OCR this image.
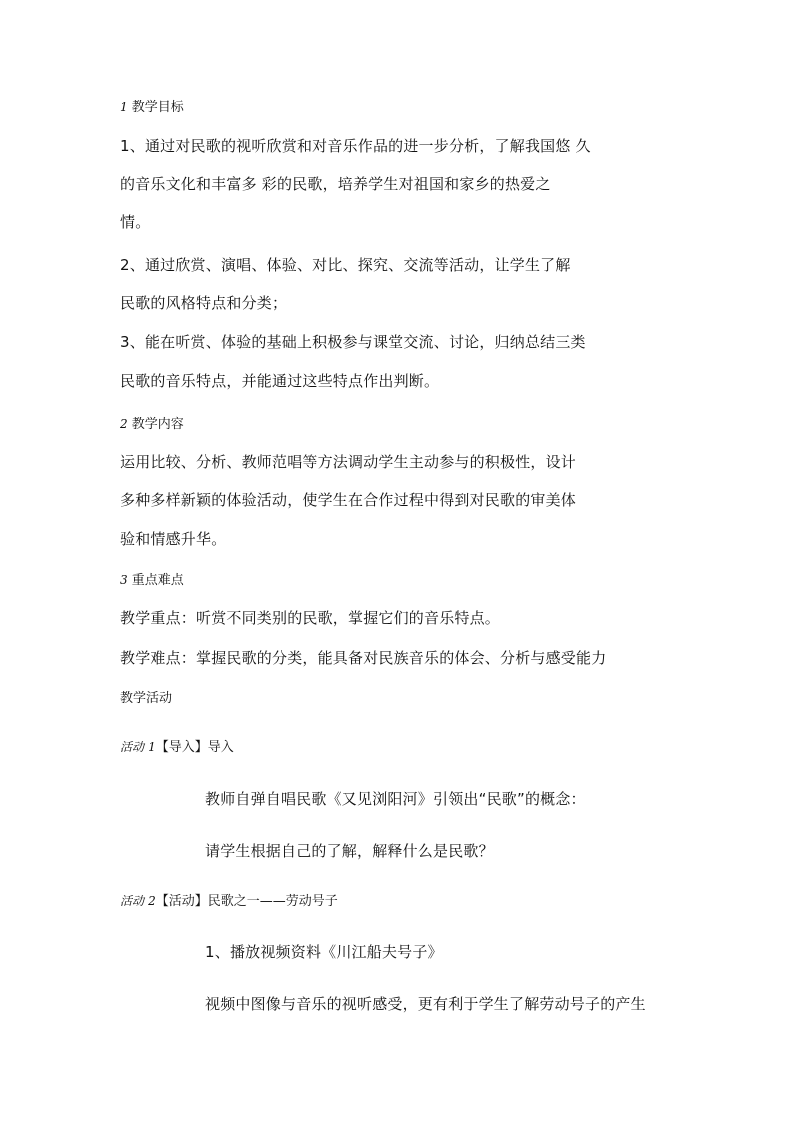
1 教学目标
1、通过对民歌的视听欣赏和对音乐作品的进一步分析，了解我国悠 久
的音乐文化和丰富多 彩的民歌，培养学生对祖国和家乡的热爱之
情。
2、通过欣赏、演唱、体验、对比、探究、交流等活动，让学生了解
民歌的风格特点和分类；
3、能在听赏、体验的基础上积极参与课堂交流、讨论，归纳总结三类
民歌的音乐特点，并能通过这些特点作出判断。
2 教学内容
运用比较、分析、教师范唱等方法调动学生主动参与的积极性，设计
多种多样新颖的体验活动，使学生在合作过程中得到对民歌的审美体
验和情感升华。
3 重点难点
教学重点：听赏不同类别的民歌，掌握它们的音乐特点。
教学难点：掌握民歌的分类，能具备对民族音乐的体会、分析与感受能力
教学活动
活动 1【导入】导入
教师自弹自唱民歌《又见浏阳河》引领出“民歌”的概念：
请学生根据自己的了解，解释什么是民歌？
活动 2【活动】民歌之一——劳动号子
1、播放视频资料《川江船夫号子》
视频中图像与音乐的视听感受，更有利于学生了解劳动号子的产生
